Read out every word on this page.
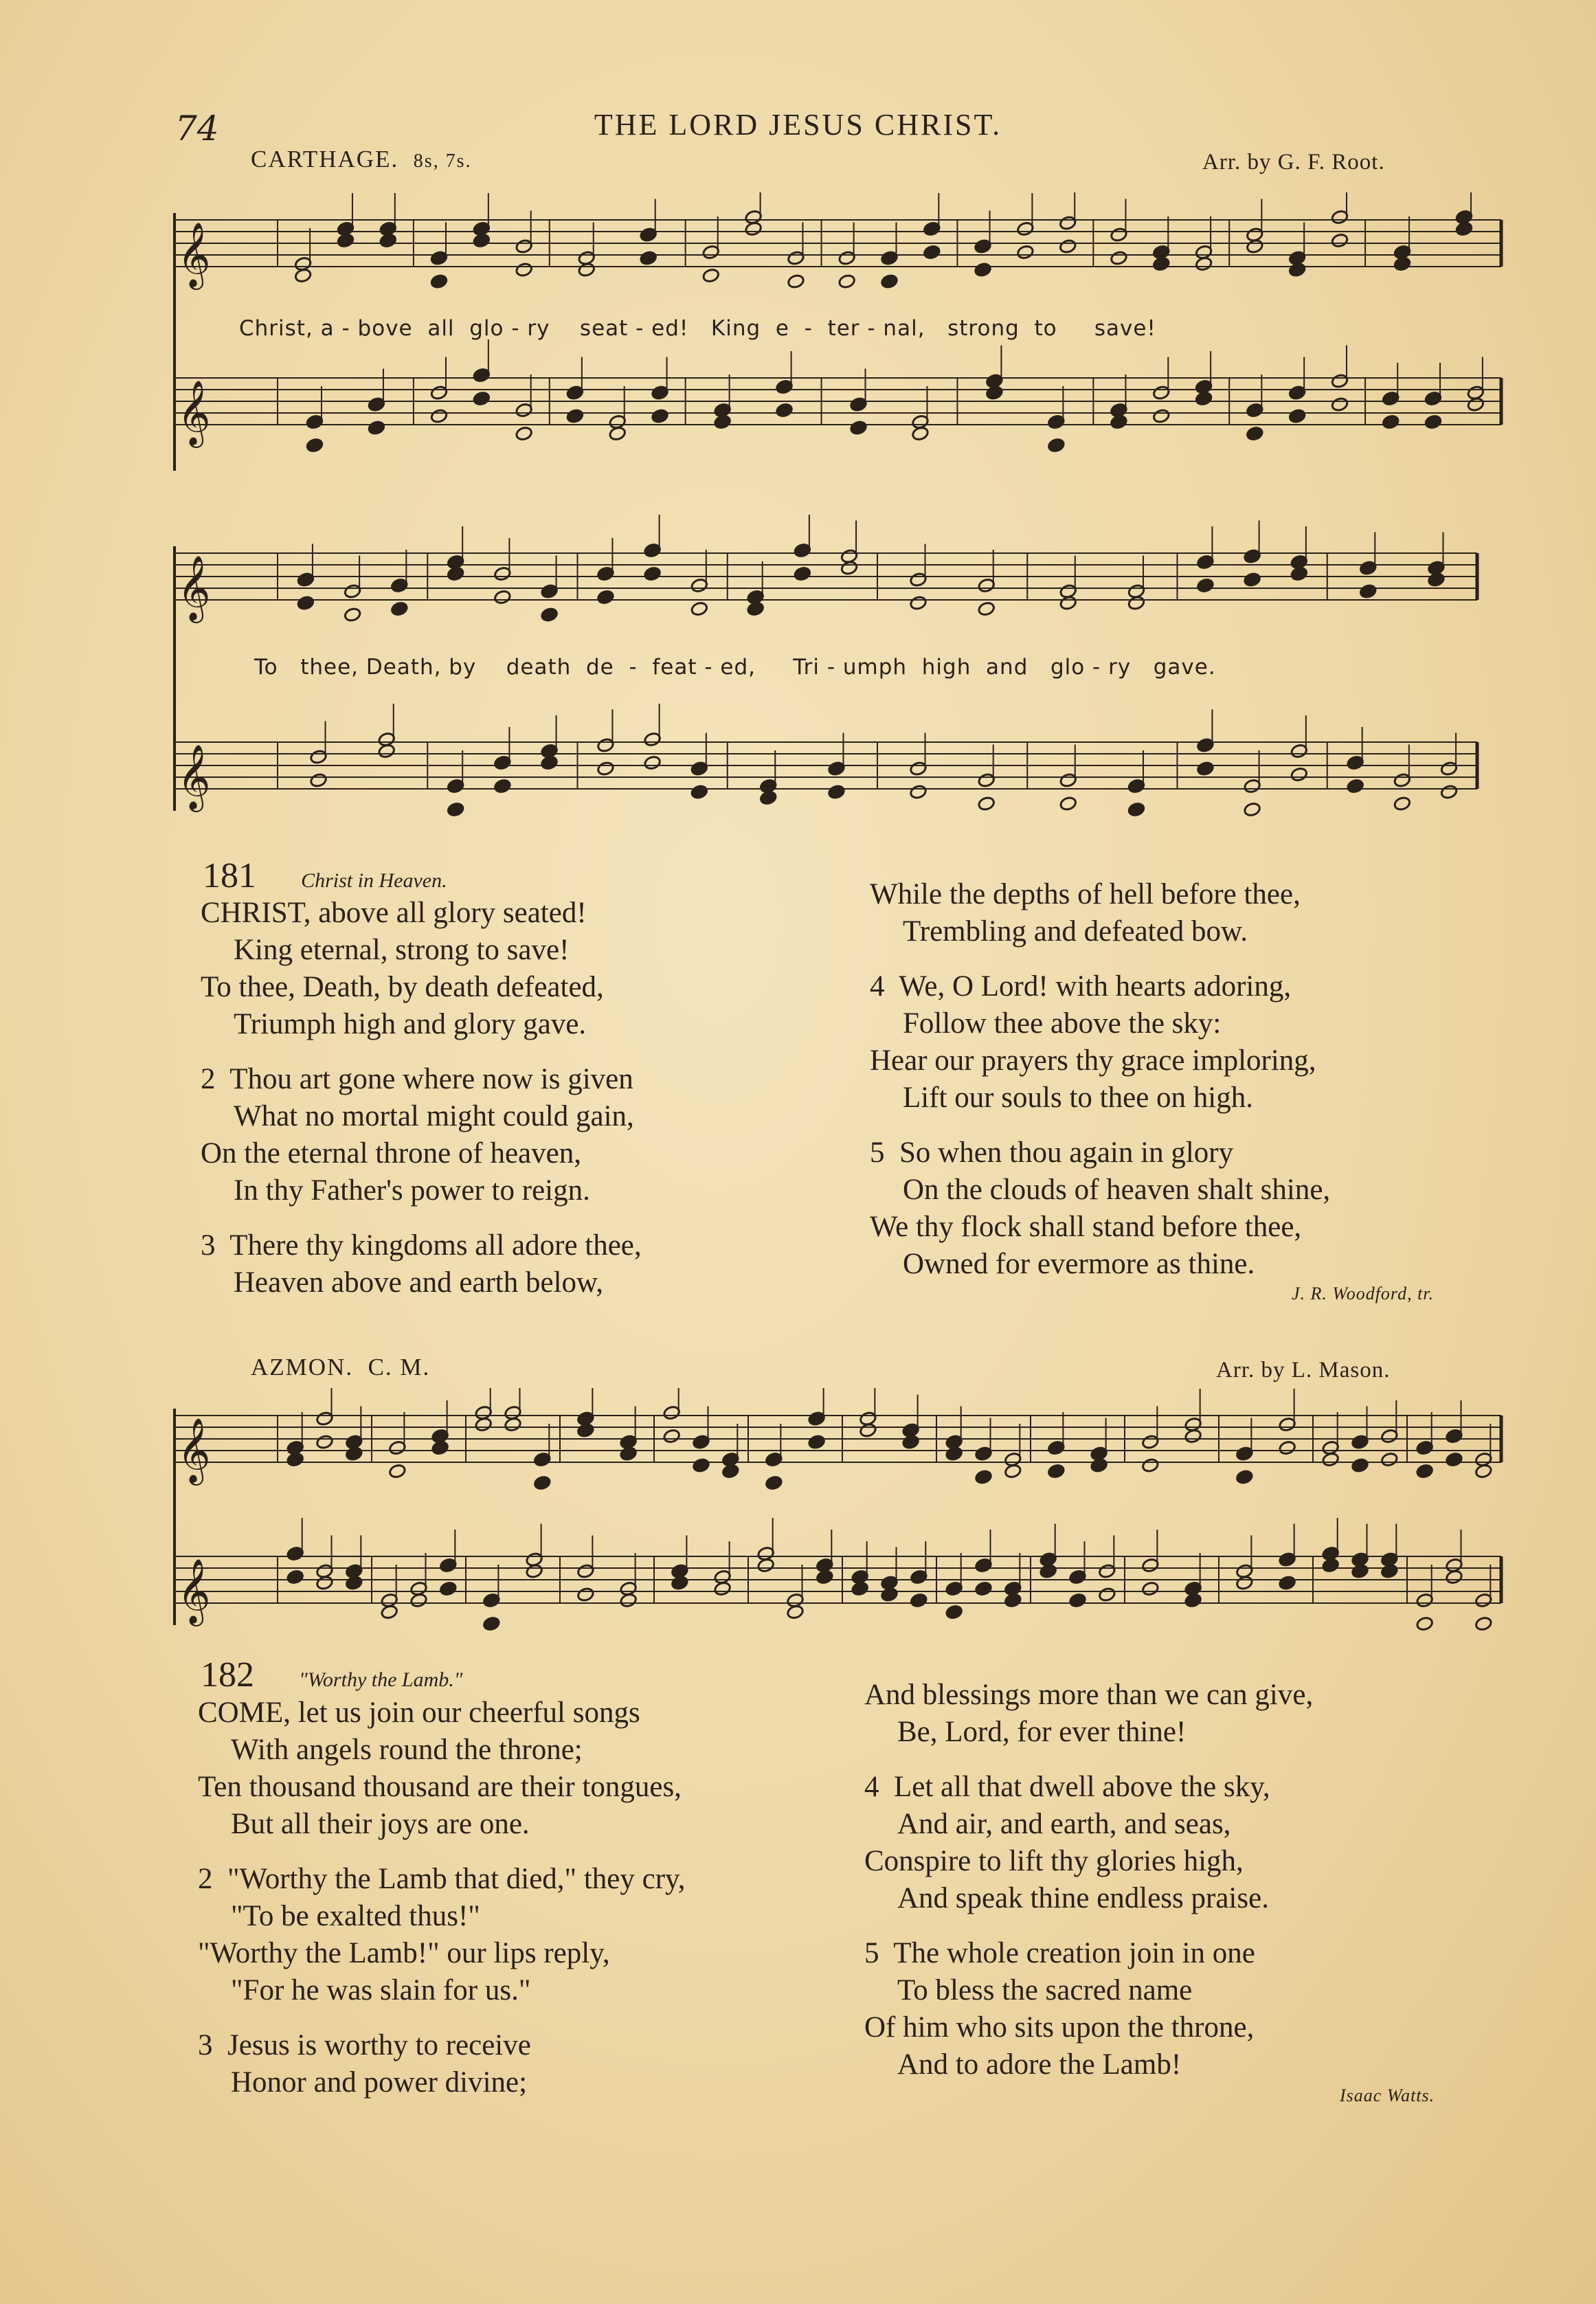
74	THE LORD JESUS CHRIST.
CARTHAGE. 8s, 7s.	Arr. by G. F. Root.
𝄞
𝄞
𝄞
𝄞
Christ, a - bove  all  glo - ry    seat - ed!   King  e  -  ter - nal,   strong  to     save!
To   thee, Death, by    death  de  -  feat - ed,     Tri - umph  high  and   glo - ry   gave.
181 Christ in Heaven.
CHRIST, above all glory seated!
King eternal, strong to save!
To thee, Death, by death defeated,
Triumph high and glory gave.
2  Thou art gone where now is given
What no mortal might could gain,
On the eternal throne of heaven,
In thy Father's power to reign.
3  There thy kingdoms all adore thee,
Heaven above and earth below,
While the depths of hell before thee,
Trembling and defeated bow.
4  We, O Lord! with hearts adoring,
Follow thee above the sky:
Hear our prayers thy grace imploring,
Lift our souls to thee on high.
5  So when thou again in glory
On the clouds of heaven shalt shine,
We thy flock shall stand before thee,
Owned for evermore as thine.
J. R. Woodford, tr.
AZMON. C. M.	Arr. by L. Mason.
𝄞
𝄞
182 "Worthy the Lamb."
COME, let us join our cheerful songs
With angels round the throne;
Ten thousand thousand are their tongues,
But all their joys are one.
2  "Worthy the Lamb that died," they cry,
"To be exalted thus!"
"Worthy the Lamb!" our lips reply,
"For he was slain for us."
3  Jesus is worthy to receive
Honor and power divine;
And blessings more than we can give,
Be, Lord, for ever thine!
4  Let all that dwell above the sky,
And air, and earth, and seas,
Conspire to lift thy glories high,
And speak thine endless praise.
5  The whole creation join in one
To bless the sacred name
Of him who sits upon the throne,
And to adore the Lamb!
Isaac Watts.
